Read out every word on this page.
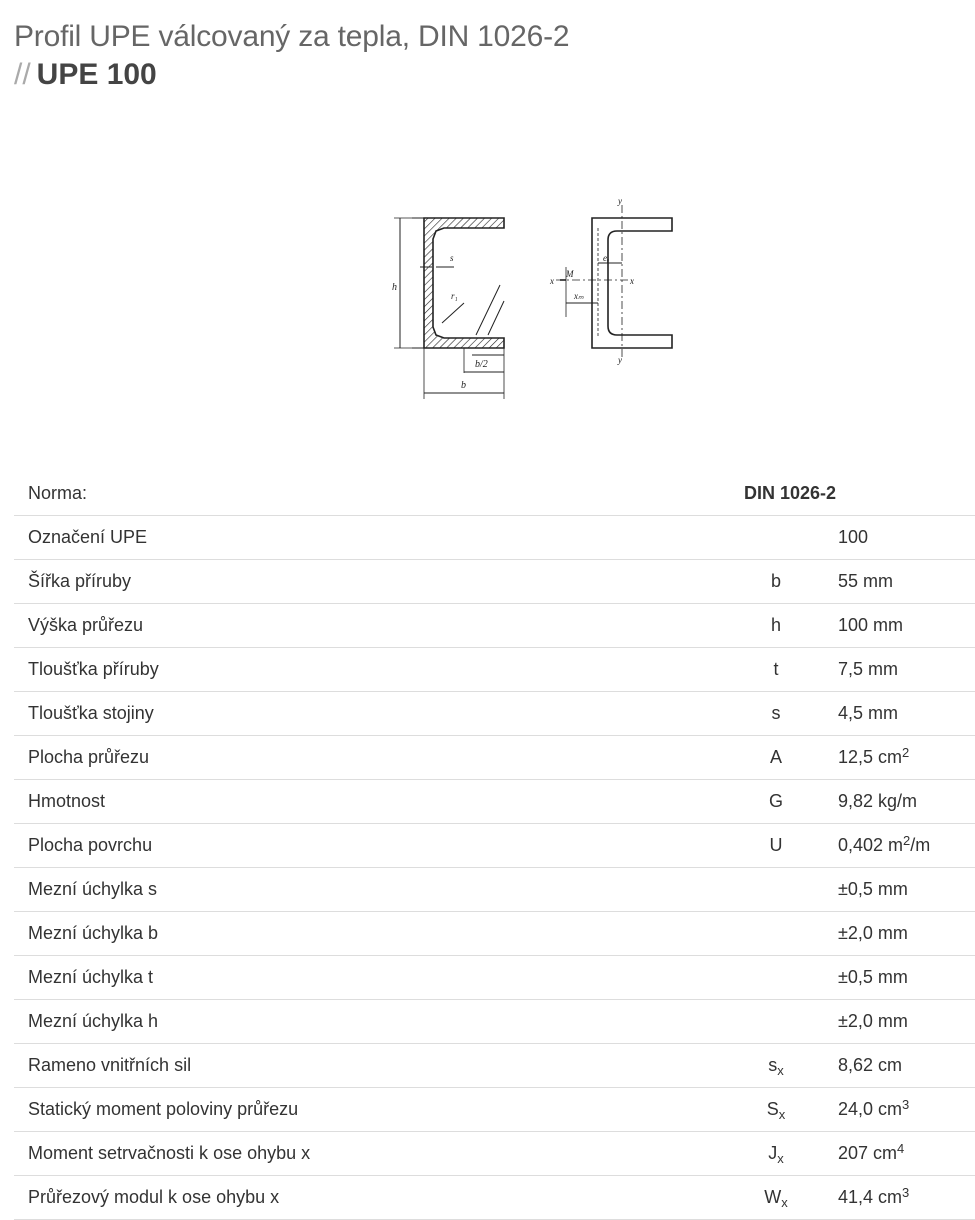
Profil UPE válcovaný za tepla, DIN 1026-2
// UPE 100
h
s
r₁
b/2
b
y
y
x	x
M
eᵧ
xₘ
Norma:	DIN 1026-2	
Označení UPE		100
Šířka příruby	b	55 mm
Výška průřezu	h	100 mm
Tloušťka příruby	t	7,5 mm
Tloušťka stojiny	s	4,5 mm
Plocha průřezu	A	12,5 $cm^2$
Hmotnost	G	9,82 kg/m
Plocha povrchu	U	0,402 $m^2/m$
Mezní úchylka s		±0,5 mm
Mezní úchylka b		±2,0 mm
Mezní úchylka t		±0,5 mm
Mezní úchylka h		±2,0 mm
Rameno vnitřních sil	$s_x$	8,62 cm
Statický moment poloviny průřezu	$S_x$	24,0 $cm^3$
Moment setrvačnosti k ose ohybu x	$J_x$	207 $cm^4$
Průřezový modul k ose ohybu x	$W_x$	41,4 $cm^3$
